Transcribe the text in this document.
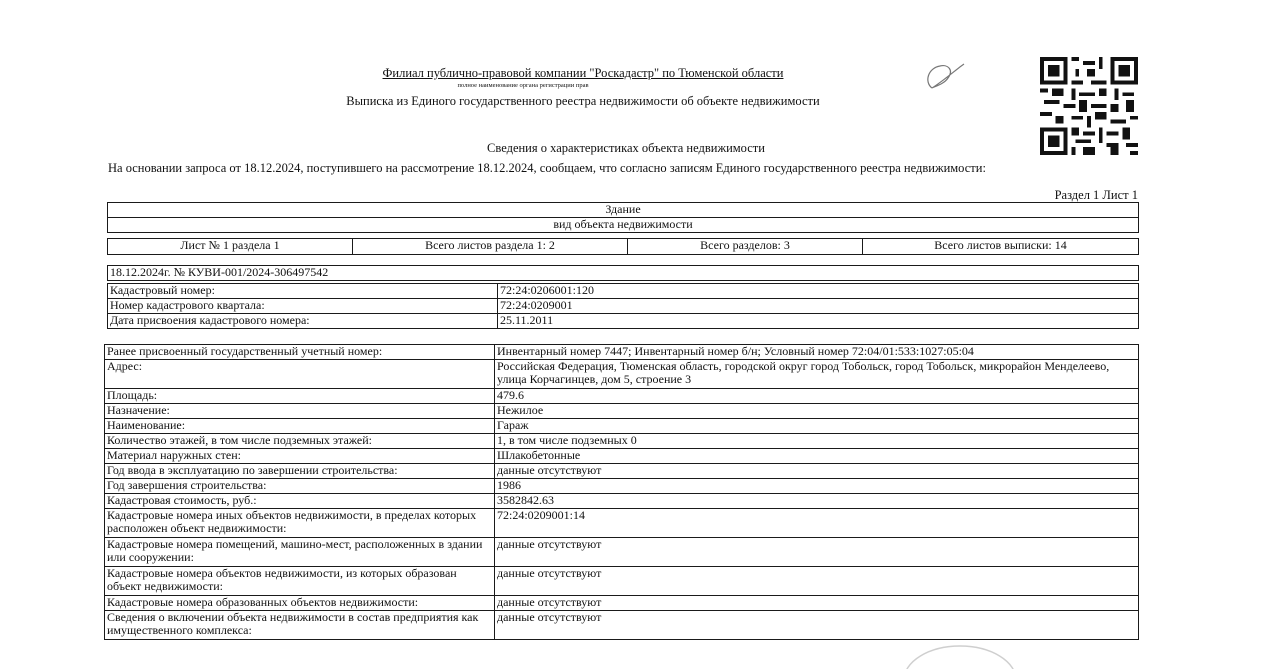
Филиал публично-правовой компании "Роскадастр" по Тюменской области
полное наименование органа регистрации прав
Выписка из Единого государственного реестра недвижимости об объекте недвижимости
Сведения о характеристиках объекта недвижимости
На основании запроса от 18.12.2024, поступившего на рассмотрение 18.12.2024, сообщаем, что согласно записям Единого государственного реестра недвижимости:
Раздел 1 Лист 1
Здание
вид объекта недвижимости
Лист № 1 раздела 1	Всего листов раздела 1: 2	Всего разделов: 3	Всего листов выписки: 14
18.12.2024г. № КУВИ-001/2024-306497542
Кадастровый номер:	72:24:0206001:120
Номер кадастрового квартала:	72:24:0209001
Дата присвоения кадастрового номера:	25.11.2011
Ранее присвоенный государственный учетный номер:	Инвентарный номер 7447; Инвентарный номер б/н; Условный номер 72:04/01:533:1027:05:04
Адрес:	Российская Федерация, Тюменская область, городской округ город Тобольск, город Тобольск, микрорайон Менделеево, улица Корчагинцев, дом 5, строение 3
Площадь:	479.6
Назначение:	Нежилое
Наименование:	Гараж
Количество этажей, в том числе подземных этажей:	1, в том числе подземных 0
Материал наружных стен:	Шлакобетонные
Год ввода в эксплуатацию по завершении строительства:	данные отсутствуют
Год завершения строительства:	1986
Кадастровая стоимость, руб.:	3582842.63
Кадастровые номера иных объектов недвижимости, в пределах которых расположен объект недвижимости:	72:24:0209001:14
Кадастровые номера помещений, машино-мест, расположенных в здании или сооружении:	данные отсутствуют
Кадастровые номера объектов недвижимости, из которых образован объект недвижимости:	данные отсутствуют
Кадастровые номера образованных объектов недвижимости:	данные отсутствуют
Сведения о включении объекта недвижимости в состав предприятия как имущественного комплекса:	данные отсутствуют
